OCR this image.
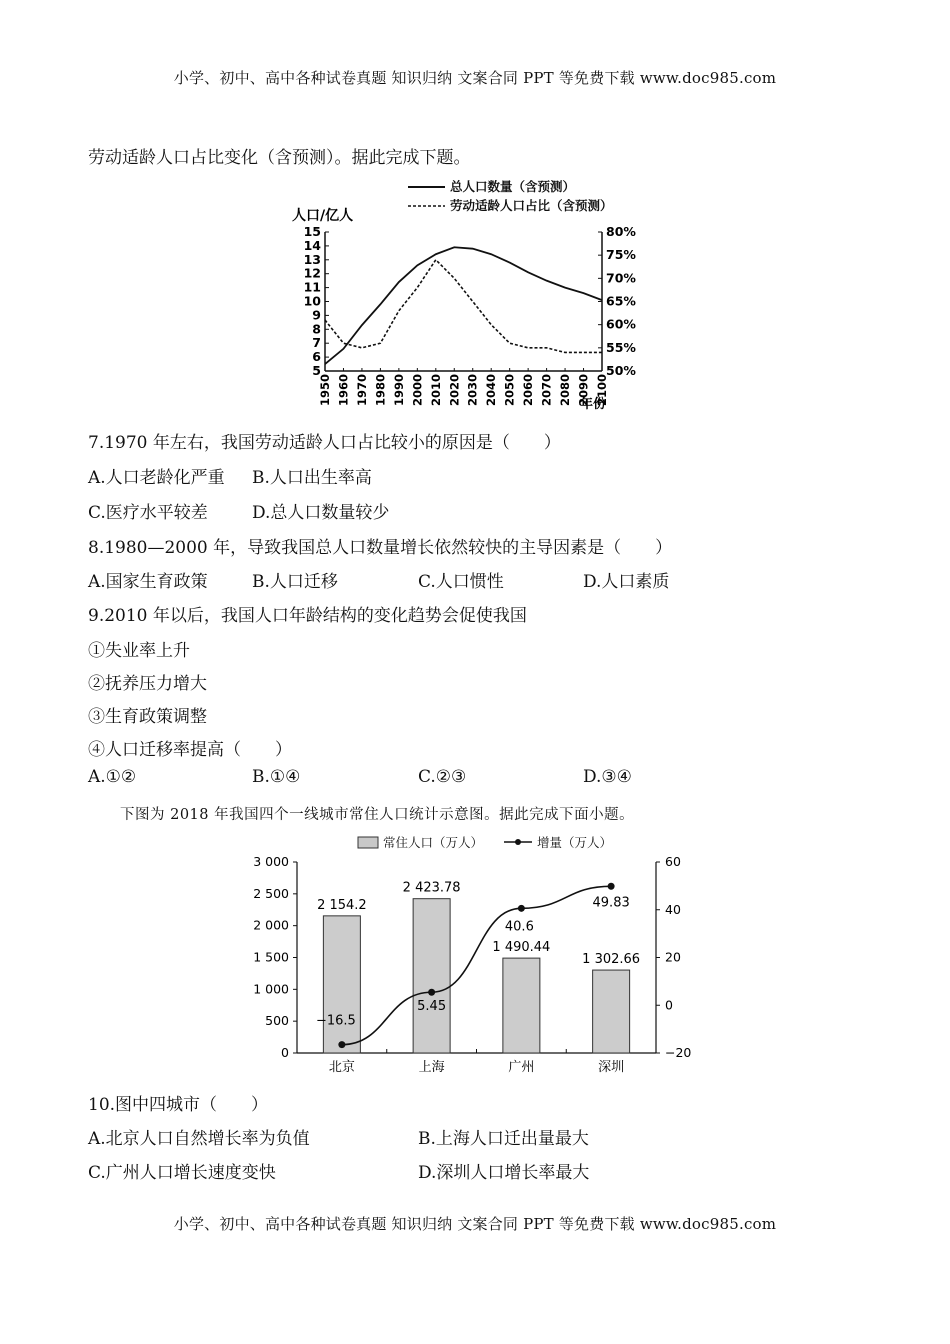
小学、初中、高中各种试卷真题 知识归纳 文案合同 PPT 等免费下载 www.doc985.com
劳动适龄人口占比变化（含预测）。据此完成下题。
总人口数量（含预测）
劳动适龄人口占比（含预测）
人口/亿人
5
6
7
8
9
10
11
12
13
14
15
50%
55%
60%
65%
70%
75%
80%
1950 1960 1970 1980 1990 2000 2010 2020 2030 2040 2050 2060 2070 2080 2090 2100
年份
7.1970 年左右，我国劳动适龄人口占比较小的原因是（　　）
A.人口老龄化严重 B.人口出生率高
C.医疗水平较差	D.总人口数量较少
8.1980—2000 年，导致我国总人口数量增长依然较快的主导因素是（　　）
A.国家生育政策	B.人口迁移	C.人口惯性	D.人口素质
9.2010 年以后，我国人口年龄结构的变化趋势会促使我国
①失业率上升
②抚养压力增大
③生育政策调整
④人口迁移率提高（　　）
A.①②	B.①④	C.②③	D.③④
下图为 2018 年我国四个一线城市常住人口统计示意图。据此完成下面小题。
常住人口（万人）	增量（万人）
0
500
1 000
1 500
2 000
2 500
3 000
−20
0
20
40
60
2 154.2
2 423.78
1 490.44
1 302.66
北京	上海	广州	深圳
−16.5
5.45
40.6
49.83
10.图中四城市（　　）
A.北京人口自然增长率为负值	B.上海人口迁出量最大
C.广州人口增长速度变快	D.深圳人口增长率最大
小学、初中、高中各种试卷真题 知识归纳 文案合同 PPT 等免费下载 www.doc985.com
